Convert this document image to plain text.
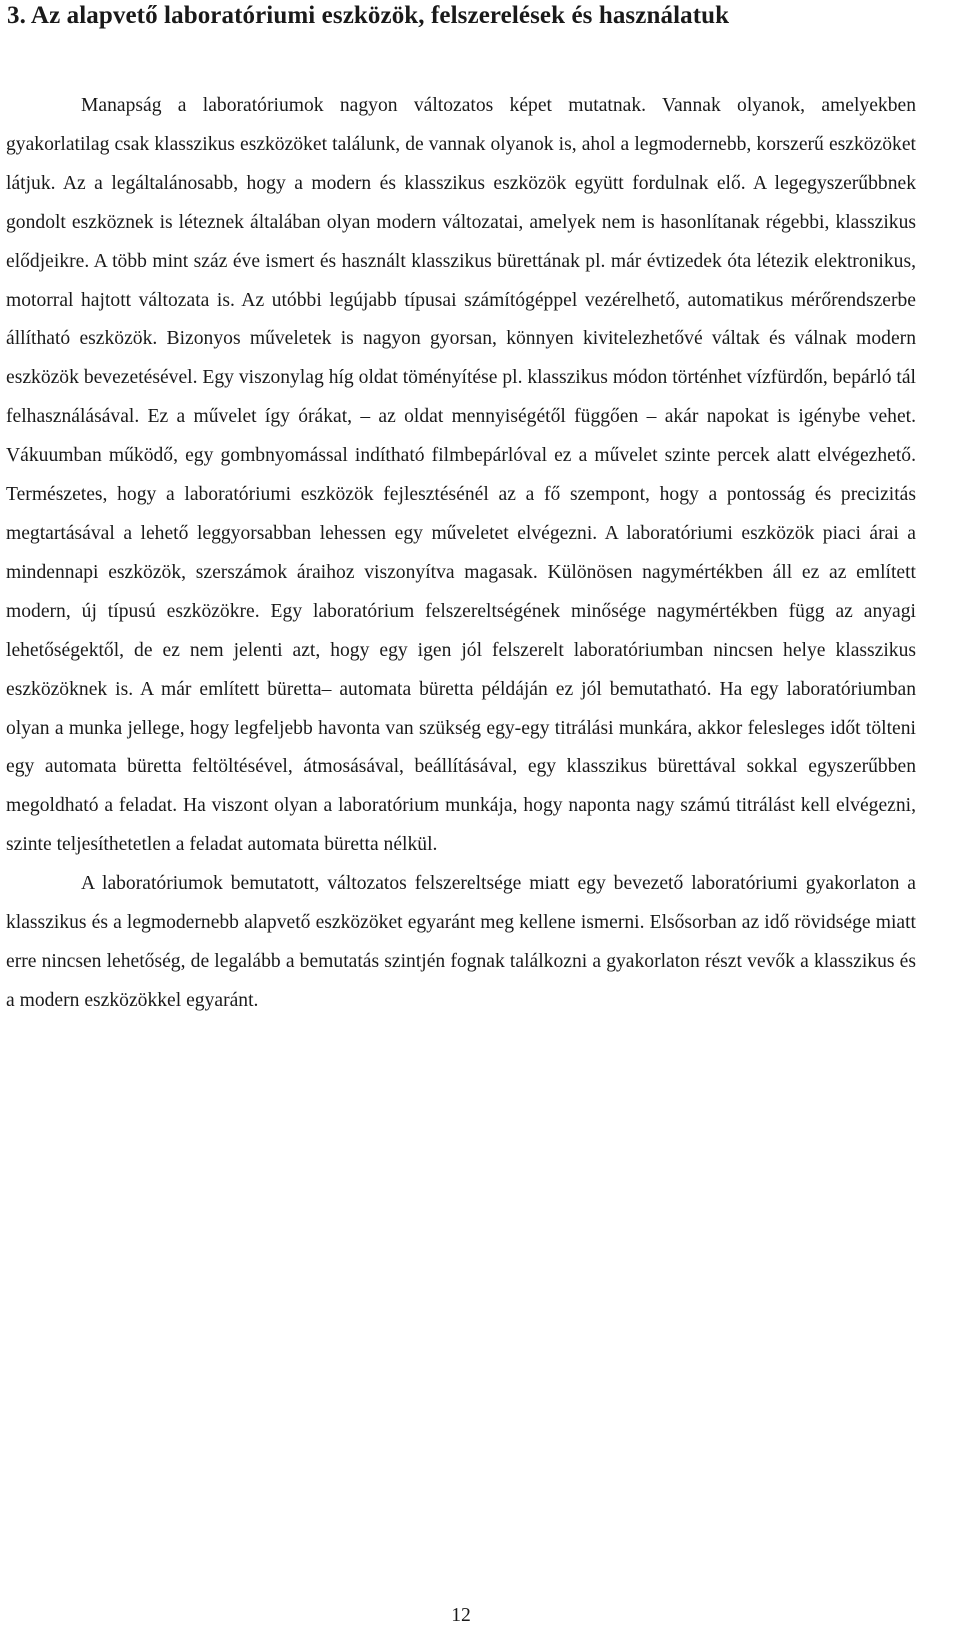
3. Az alapvető laboratóriumi eszközök, felszerelések és használatuk

Manapság a laboratóriumok nagyon változatos képet mutatnak. Vannak olyanok, amelyekben gyakorlatilag csak klasszikus eszközöket találunk, de vannak olyanok is, ahol a legmodernebb, korszerű eszközöket látjuk. Az a legáltalánosabb, hogy a modern és klasszikus eszközök együtt fordulnak elő. A legegyszerűbbnek gondolt eszköznek is léteznek általában olyan modern változatai, amelyek nem is hasonlítanak régebbi, klasszikus elődjeikre. A több mint száz éve ismert és használt klasszikus bürettának pl. már évtizedek óta létezik elektronikus, motorral hajtott változata is. Az utóbbi legújabb típusai számítógéppel vezérelhető, automatikus mérőrendszerbe állítható eszközök. Bizonyos műveletek is nagyon gyorsan, könnyen kivitelezhetővé váltak és válnak modern eszközök bevezetésével. Egy viszonylag híg oldat töményítése pl. klasszikus módon történhet vízfürdőn, bepárló tál felhasználásával. Ez a művelet így órákat, – az oldat mennyiségétől függően – akár napokat is igénybe vehet. Vákuumban működő, egy gombnyomással indítható filmbepárlóval ez a művelet szinte percek alatt elvégezhető. Természetes, hogy a laboratóriumi eszközök fejlesztésénél az a fő szempont, hogy a pontosság és precizitás megtartásával a lehető leggyorsabban lehessen egy műveletet elvégezni. A laboratóriumi eszközök piaci árai a mindennapi eszközök, szerszámok áraihoz viszonyítva magasak. Különösen nagymértékben áll ez az említett modern, új típusú eszközökre. Egy laboratórium felszereltségének minősége nagymértékben függ az anyagi lehetőségektől, de ez nem jelenti azt, hogy egy igen jól felszerelt laboratóriumban nincsen helye klasszikus eszközöknek is. A már említett büretta– automata büretta példáján ez jól bemutatható. Ha egy laboratóriumban olyan a munka jellege, hogy legfeljebb havonta van szükség egy-egy titrálási munkára, akkor felesleges időt tölteni egy automata büretta feltöltésével, átmosásával, beállításával, egy klasszikus bürettával sokkal egyszerűbben megoldható a feladat. Ha viszont olyan a laboratórium munkája, hogy naponta nagy számú titrálást kell elvégezni, szinte teljesíthetetlen a feladat automata büretta nélkül.

A laboratóriumok bemutatott, változatos felszereltsége miatt egy bevezető laboratóriumi gyakorlaton a klasszikus és a legmodernebb alapvető eszközöket egyaránt meg kellene ismerni. Elsősorban az idő rövidsége miatt erre nincsen lehetőség, de legalább a bemutatás szintjén fognak találkozni a gyakorlaton részt vevők a klasszikus és a modern eszközökkel egyaránt.

12
